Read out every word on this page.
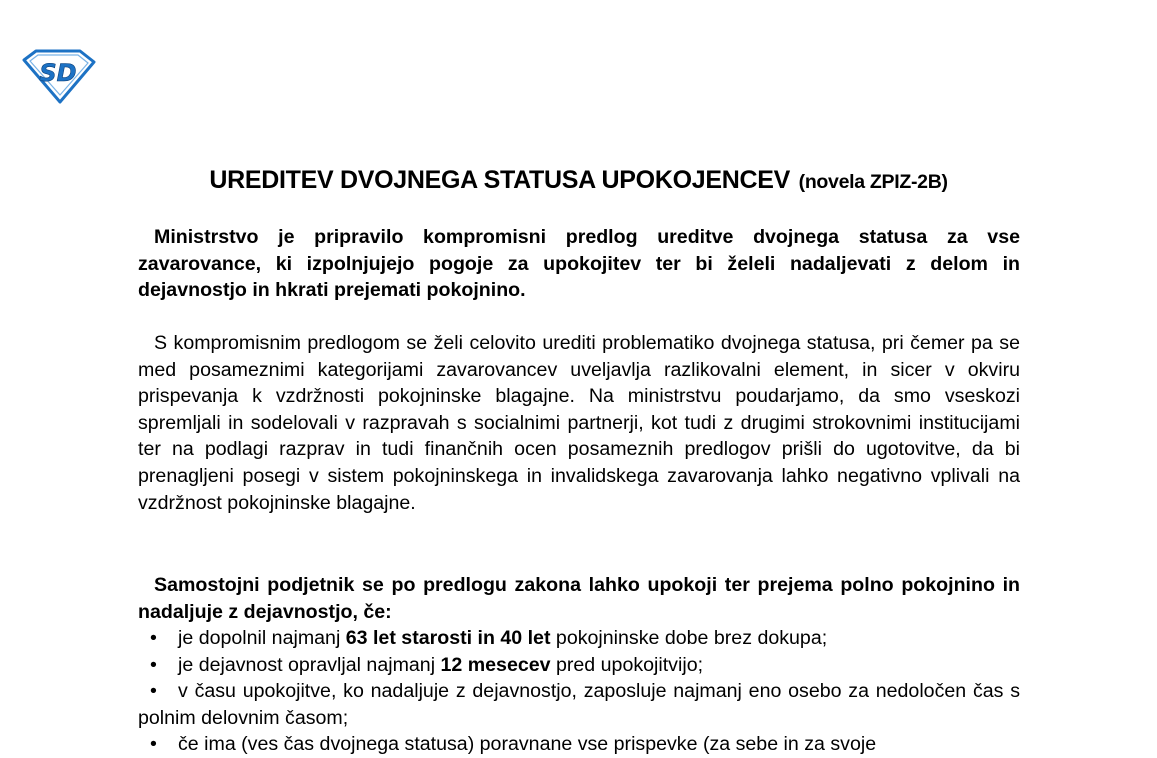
SD
UREDITEV DVOJNEGA STATUSA UPOKOJENCEV (novela ZPIZ-2B)

Ministrstvo je pripravilo kompromisni predlog ureditve dvojnega statusa za vse zavarovance, ki izpolnjujejo pogoje za upokojitev ter bi želeli nadaljevati z delom in dejavnostjo in hkrati prejemati pokojnino.

S kompromisnim predlogom se želi celovito urediti problematiko dvojnega statusa, pri čemer pa se med posameznimi kategorijami zavarovancev uveljavlja razlikovalni element, in sicer v okviru prispevanja k vzdržnosti pokojninske blagajne. Na ministrstvu poudarjamo, da smo vseskozi spremljali in sodelovali v razpravah s socialnimi partnerji, kot tudi z drugimi strokovnimi institucijami ter na podlagi razprav in tudi finančnih ocen posameznih predlogov prišli do ugotovitve, da bi prenagljeni posegi v sistem pokojninskega in invalidskega zavarovanja lahko negativno vplivali na vzdržnost pokojninske blagajne.

Samostojni podjetnik se po predlogu zakona lahko upokoji ter prejema polno pokojnino in nadaljuje z dejavnostjo, če:

• je dopolnil najmanj 63 let starosti in 40 let pokojninske dobe brez dokupa;
• je dejavnost opravljal najmanj 12 mesecev pred upokojitvijo;
• v času upokojitve, ko nadaljuje z dejavnostjo, zaposluje najmanj eno osebo za nedoločen čas s polnim delovnim časom;
• če ima (ves čas dvojnega statusa) poravnane vse prispevke (za sebe in za svoje
